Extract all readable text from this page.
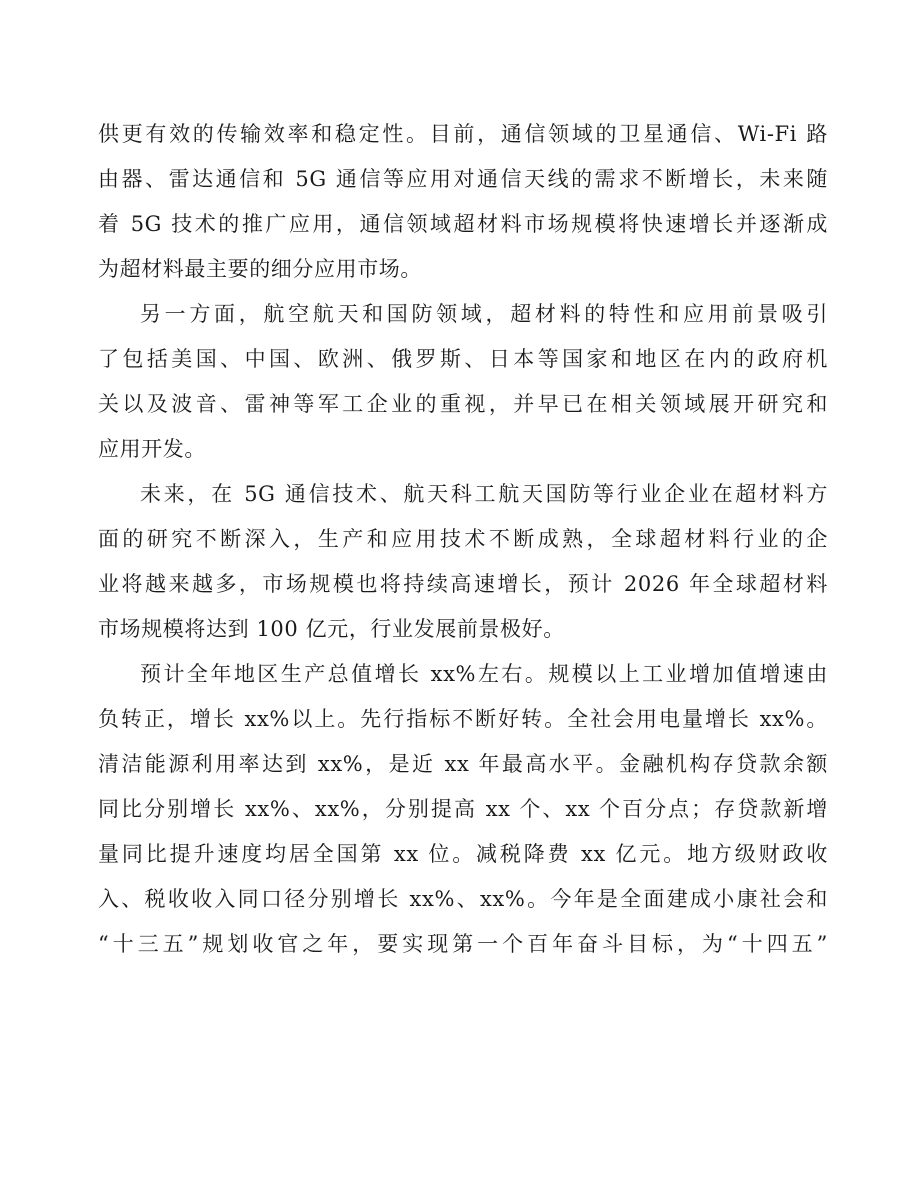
供更有效的传输效率和稳定性。目前，通信领域的卫星通信、Wi-Fi 路
由器、雷达通信和 5G 通信等应用对通信天线的需求不断增长，未来随
着 5G 技术的推广应用，通信领域超材料市场规模将快速增长并逐渐成
为超材料最主要的细分应用市场。
另一方面，航空航天和国防领域，超材料的特性和应用前景吸引
了包括美国、中国、欧洲、俄罗斯、日本等国家和地区在内的政府机
关以及波音、雷神等军工企业的重视，并早已在相关领域展开研究和
应用开发。
未来，在 5G 通信技术、航天科工航天国防等行业企业在超材料方
面的研究不断深入，生产和应用技术不断成熟，全球超材料行业的企
业将越来越多，市场规模也将持续高速增长，预计 2026 年全球超材料
市场规模将达到 100 亿元，行业发展前景极好。
预计全年地区生产总值增长 xx%左右。规模以上工业增加值增速由
负转正，增长 xx%以上。先行指标不断好转。全社会用电量增长 xx%。
清洁能源利用率达到 xx%，是近 xx 年最高水平。金融机构存贷款余额
同比分别增长 xx%、xx%，分别提高 xx 个、xx 个百分点；存贷款新增
量同比提升速度均居全国第 xx 位。减税降费 xx 亿元。地方级财政收
入、税收收入同口径分别增长 xx%、xx%。今年是全面建成小康社会和
“十三五”规划收官之年，要实现第一个百年奋斗目标，为“十四五”
